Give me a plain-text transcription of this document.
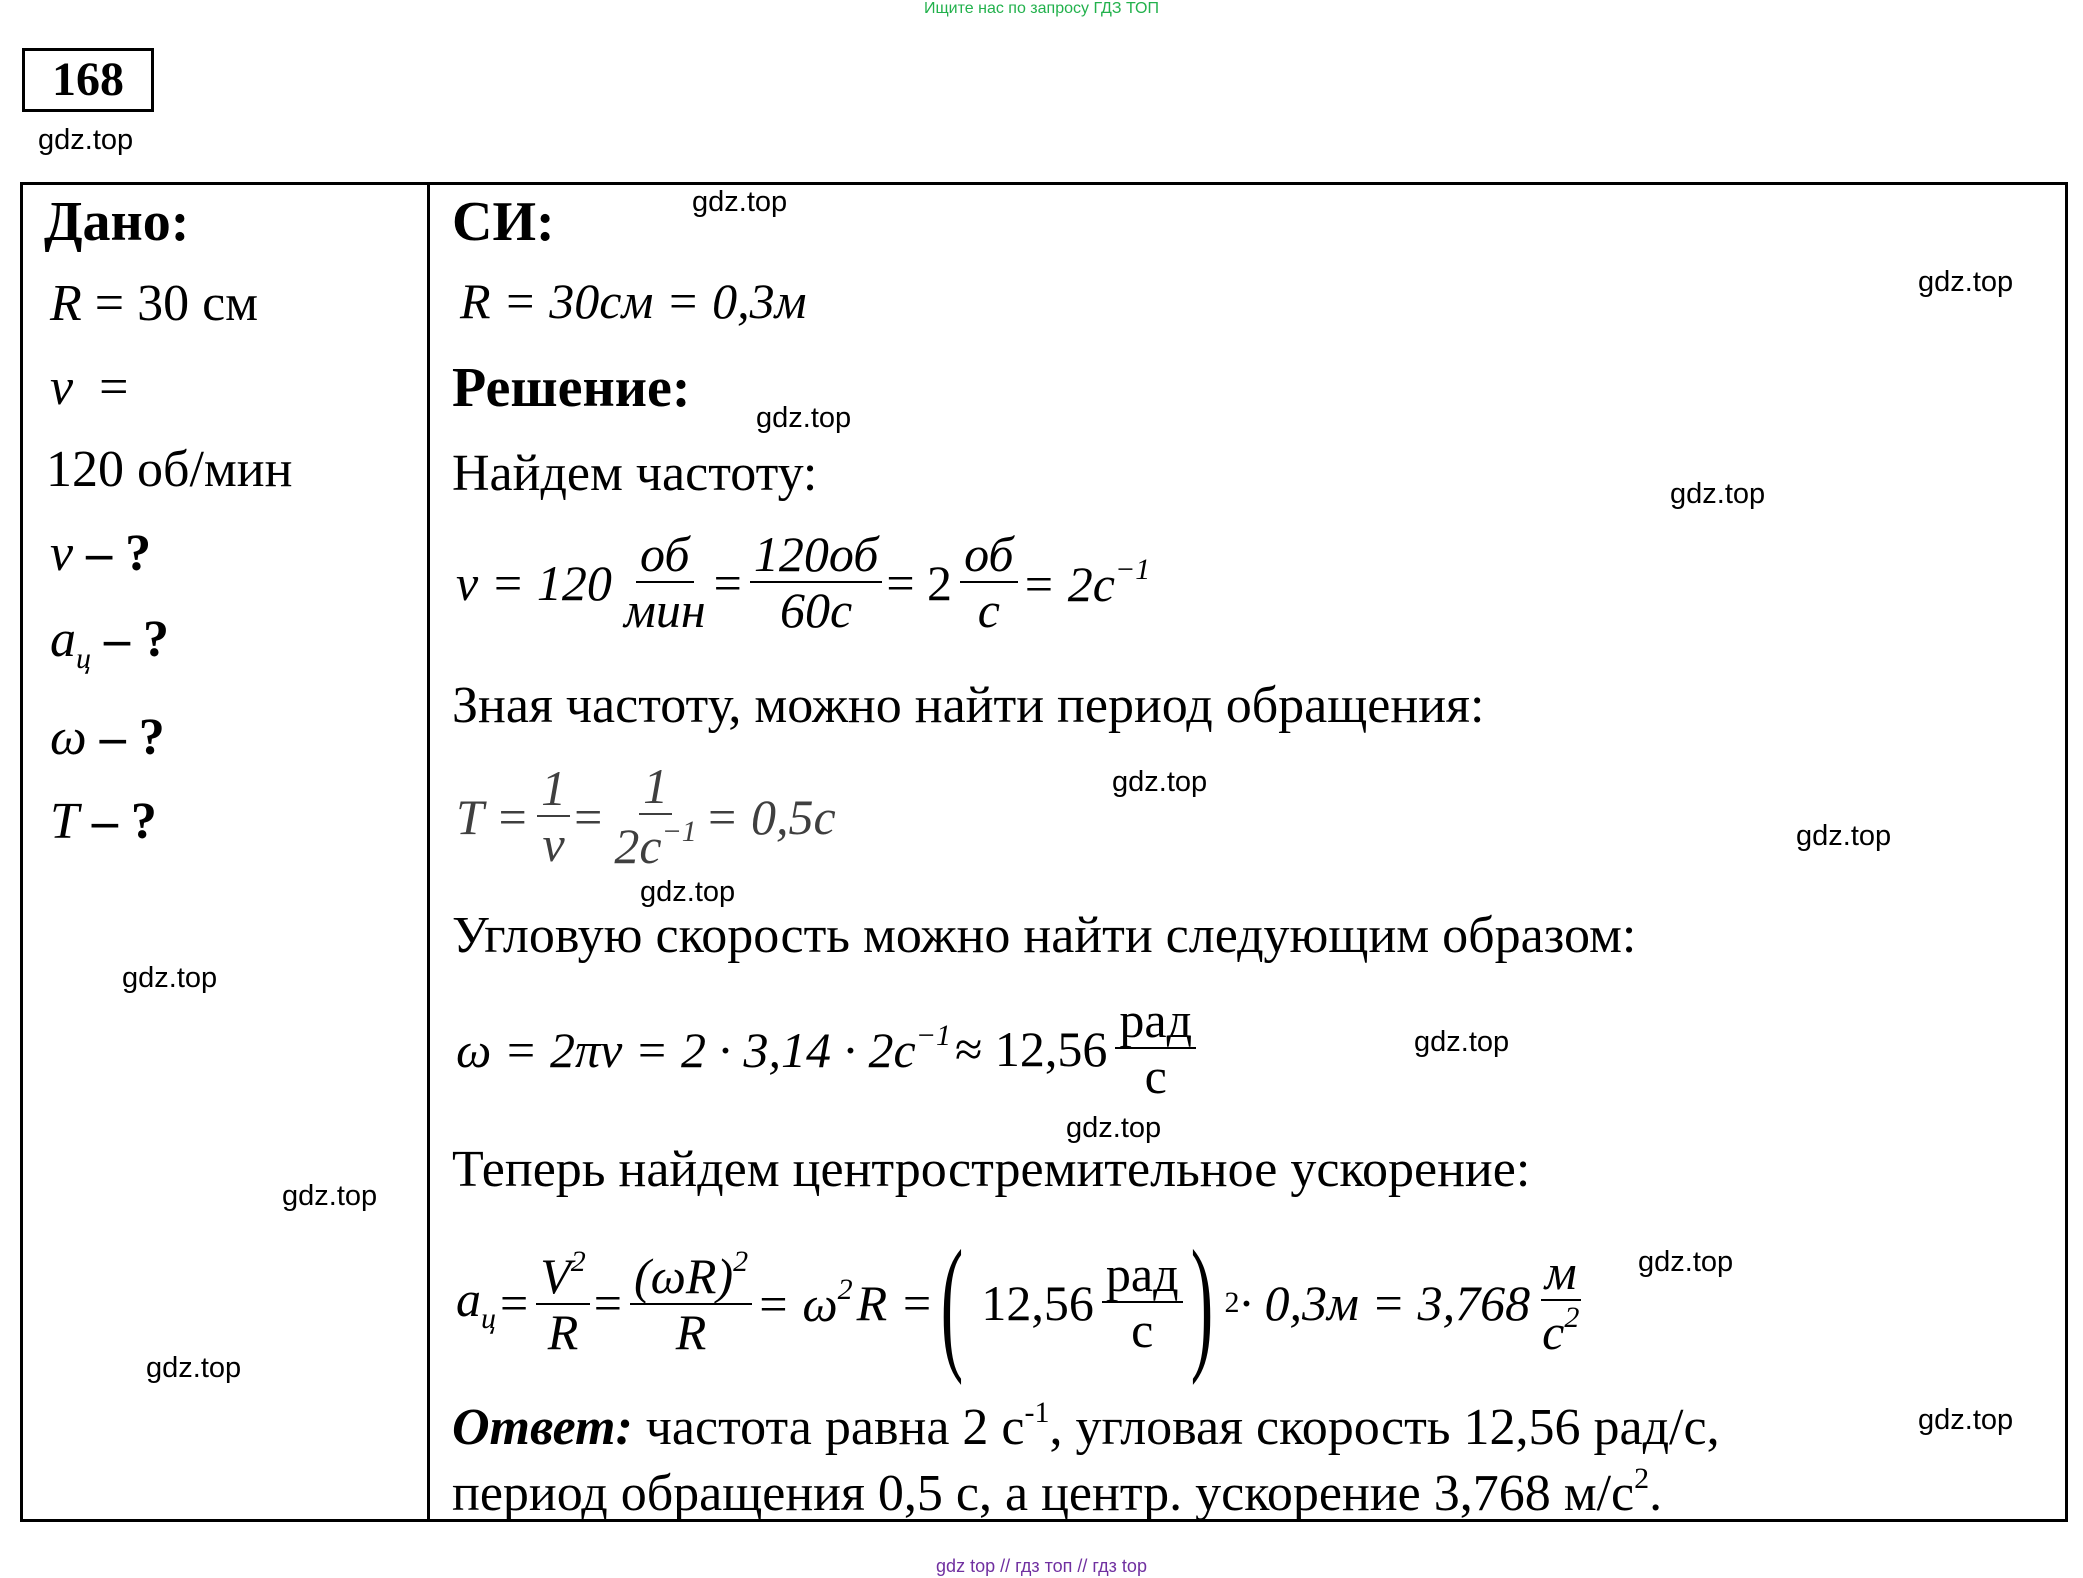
Ищите нас по запросу ГДЗ ТОП
168
gdz.top
Дано:
R = 30 см
ν =
120 об/мин
ν – ?
$a_ц$ – ?
ω – ?
T – ?
СИ:
R = 30см = 0,3м
Решение:
Найдем частоту:
$\nu = 120 \frac{об}{\text{мин}} = \frac{120об}{60с} = 2 \frac{об}{с} = 2с^{-1}$
Зная частоту, можно найти период обращения:
$T = \frac{1}{\nu} = \frac{1}{2с^{-1}} = 0,5с$
Угловую скорость можно найти следующим образом:
$\omega = 2\pi\nu = 2 \cdot 3,14 \cdot 2с^{-1} \approx 12,56 \frac{\text{рад}}{с}$
Теперь найдем центростремительное ускорение:
$a_ц = \frac{V^2}{R} = \frac{(\omega R)^2}{R} = \omega^2$ R = ( $12,56 \frac{\text{рад}}{с}$ ) $2 \cdot 0,3м = 3,768 \frac{м}{с^2}$
Ответ: частота равна 2 $с^{-1}$, угловая скорость 12,56 рад/с,
период обращения 0,5 с, а центр. ускорение 3,768 $м/с^2$.
gdz.top
gdz.top
gdz.top
gdz.top
gdz.top
gdz.top
gdz.top
gdz.top
gdz.top
gdz.top
gdz.top
gdz.top
gdz.top
gdz.top
gdz top // гдз топ // гдз top
